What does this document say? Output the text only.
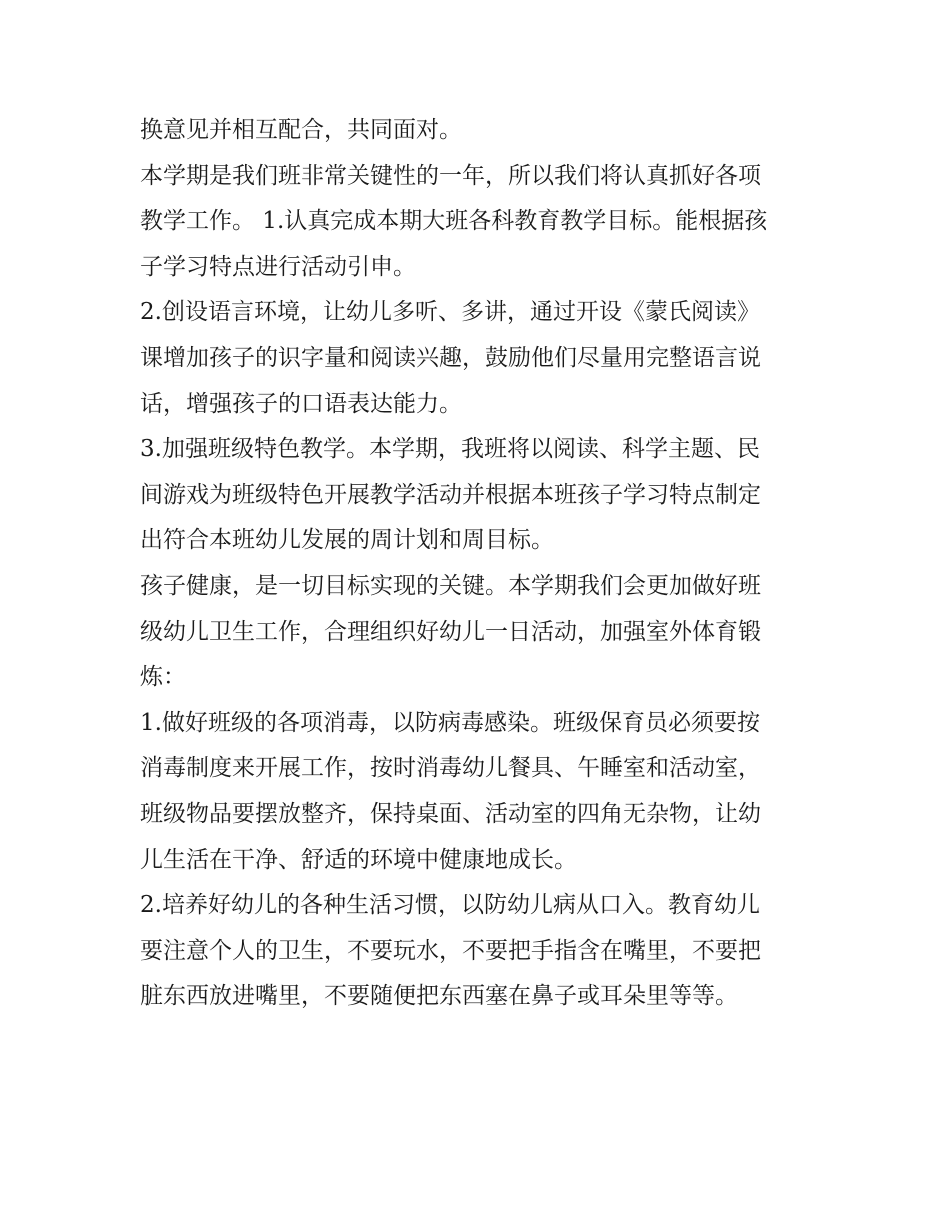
换意见并相互配合，共同面对。
本学期是我们班非常关键性的一年，所以我们将认真抓好各项
教学工作。 1.认真完成本期大班各科教育教学目标。能根据孩
子学习特点进行活动引申。
2.创设语言环境，让幼儿多听、多讲，通过开设《蒙氏阅读》
课增加孩子的识字量和阅读兴趣，鼓励他们尽量用完整语言说
话，增强孩子的口语表达能力。
3.加强班级特色教学。本学期，我班将以阅读、科学主题、民
间游戏为班级特色开展教学活动并根据本班孩子学习特点制定
出符合本班幼儿发展的周计划和周目标。
孩子健康，是一切目标实现的关键。本学期我们会更加做好班
级幼儿卫生工作，合理组织好幼儿一日活动，加强室外体育锻
炼：
1.做好班级的各项消毒，以防病毒感染。班级保育员必须要按
消毒制度来开展工作，按时消毒幼儿餐具、午睡室和活动室，
班级物品要摆放整齐，保持桌面、活动室的四角无杂物，让幼
儿生活在干净、舒适的环境中健康地成长。
2.培养好幼儿的各种生活习惯，以防幼儿病从口入。教育幼儿
要注意个人的卫生，不要玩水，不要把手指含在嘴里，不要把
脏东西放进嘴里，不要随便把东西塞在鼻子或耳朵里等等。
